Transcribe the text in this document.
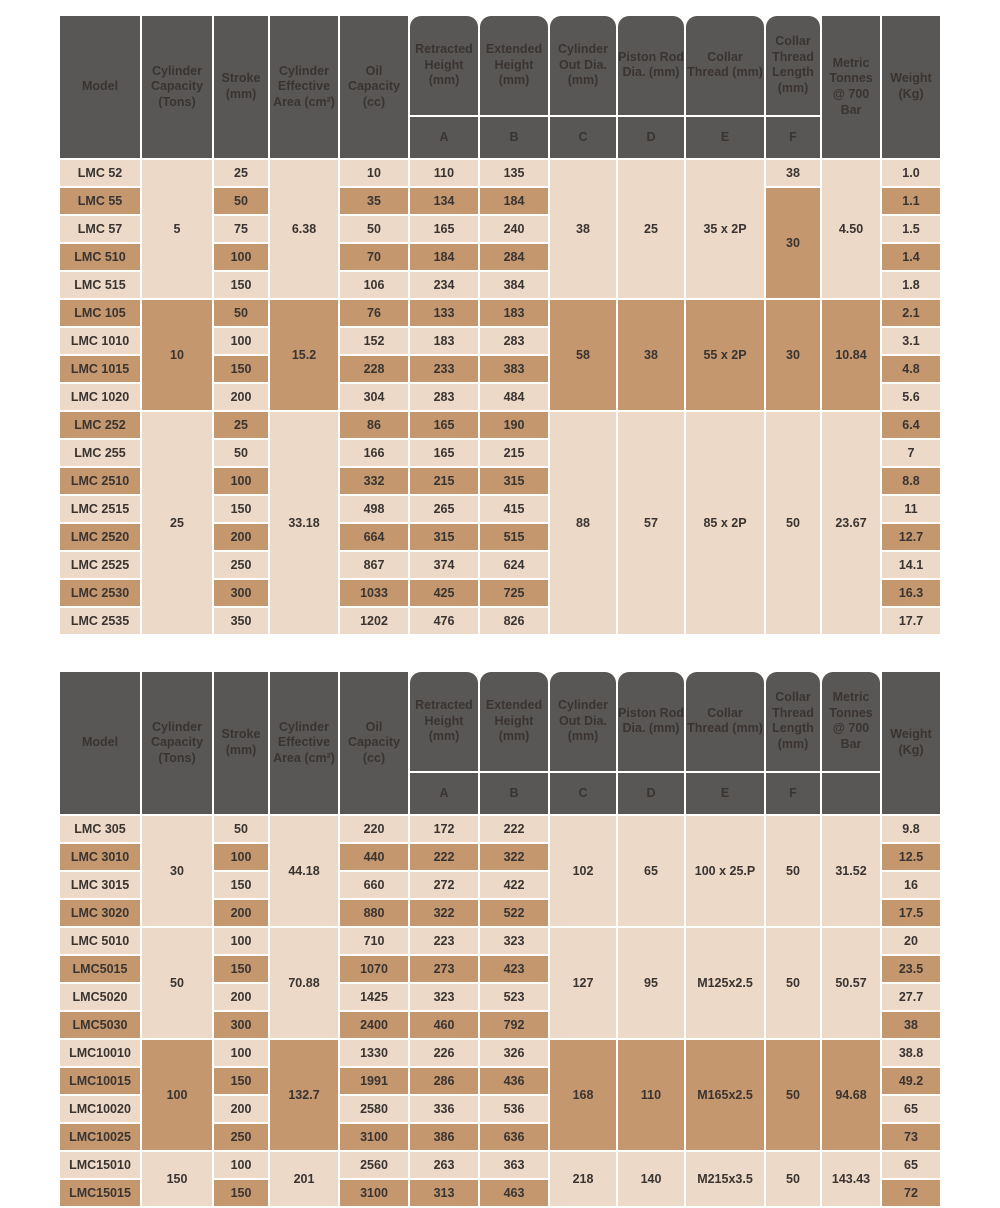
Model	Cylinder Capacity (Tons)	Stroke (mm)	Cylinder Effective Area (cm²)	Oil Capacity (cc)	Retracted Height (mm)	Extended Height (mm)	Cylinder Out Dia. (mm)	Piston Rod Dia. (mm)	Collar Thread (mm)	Collar Thread Length (mm)	Metric Tonnes @ 700 Bar	Weight (Kg)
					A	B	C	D	E	F		
LMC 52	5	25	6.38	10	110	135	38	25	35 x 2P	38	4.50	1.0
LMC 55		50		35	134	184				30		1.1
LMC 57		75		50	165	240						1.5
LMC 510		100		70	184	284						1.4
LMC 515		150		106	234	384						1.8
LMC 105	10	50	15.2	76	133	183	58	38	55 x 2P	30	10.84	2.1
LMC 1010		100		152	183	283						3.1
LMC 1015		150		228	233	383						4.8
LMC 1020		200		304	283	484						5.6
LMC 252	25	25	33.18	86	165	190	88	57	85 x 2P	50	23.67	6.4
LMC 255		50		166	165	215						7
LMC 2510		100		332	215	315						8.8
LMC 2515		150		498	265	415						11
LMC 2520		200		664	315	515						12.7
LMC 2525		250		867	374	624						14.1
LMC 2530		300		1033	425	725						16.3
LMC 2535		350		1202	476	826						17.7
Model	Cylinder Capacity (Tons)	Stroke (mm)	Cylinder Effective Area (cm²)	Oil Capacity (cc)	Retracted Height (mm)	Extended Height (mm)	Cylinder Out Dia. (mm)	Piston Rod Dia. (mm)	Collar Thread (mm)	Collar Thread Length (mm)	Metric Tonnes @ 700 Bar	Weight (Kg)
					A	B	C	D	E	F		
LMC 305	30	50	44.18	220	172	222	102	65	100 x 25.P	50	31.52	9.8
LMC 3010		100		440	222	322						12.5
LMC 3015		150		660	272	422						16
LMC 3020		200		880	322	522						17.5
LMC 5010	50	100	70.88	710	223	323	127	95	M125x2.5	50	50.57	20
LMC5015		150		1070	273	423						23.5
LMC5020		200		1425	323	523						27.7
LMC5030		300		2400	460	792						38
LMC10010	100	100	132.7	1330	226	326	168	110	M165x2.5	50	94.68	38.8
LMC10015		150		1991	286	436						49.2
LMC10020		200		2580	336	536						65
LMC10025		250		3100	386	636						73
LMC15010	150	100	201	2560	263	363	218	140	M215x3.5	50	143.43	65
LMC15015		150		3100	313	463						72
